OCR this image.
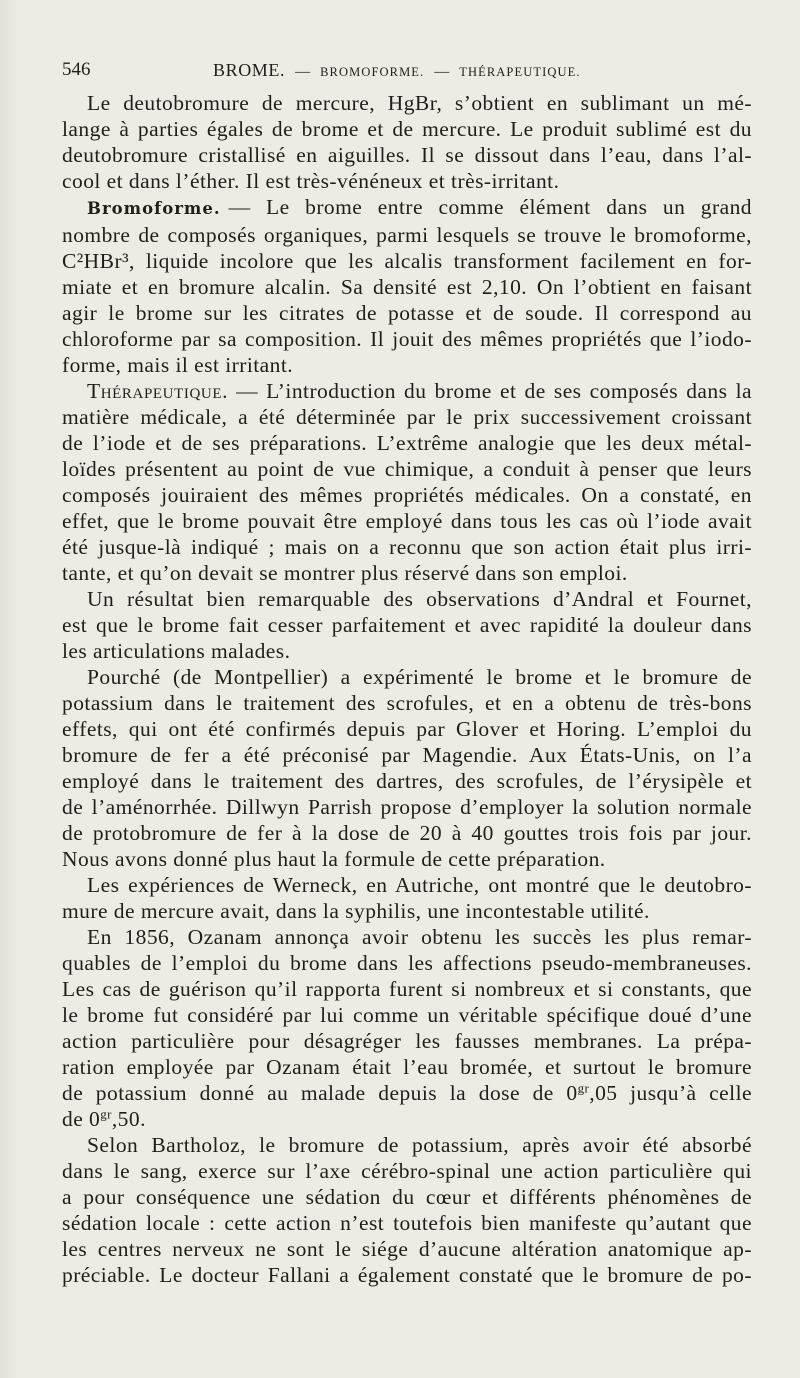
546	BROME. — BROMOFORME. — THÉRAPEUTIQUE.
Le deutobromure de mercure, HgBr, s’obtient en sublimant un mé-
lange à parties égales de brome et de mercure. Le produit sublimé est du
deutobromure cristallisé en aiguilles. Il se dissout dans l’eau, dans l’al-
cool et dans l’éther. Il est très-vénéneux et très-irritant.
Bromoforme. — Le brome entre comme élément dans un grand
nombre de composés organiques, parmi lesquels se trouve le bromoforme,
C²HBr³, liquide incolore que les alcalis transforment facilement en for-
miate et en bromure alcalin. Sa densité est 2,10. On l’obtient en faisant
agir le brome sur les citrates de potasse et de soude. Il correspond au
chloroforme par sa composition. Il jouit des mêmes propriétés que l’iodo-
forme, mais il est irritant.
Thérapeutique. — L’introduction du brome et de ses composés dans la
matière médicale, a été déterminée par le prix successivement croissant
de l’iode et de ses préparations. L’extrême analogie que les deux métal-
loïdes présentent au point de vue chimique, a conduit à penser que leurs
composés jouiraient des mêmes propriétés médicales. On a constaté, en
effet, que le brome pouvait être employé dans tous les cas où l’iode avait
été jusque-là indiqué ; mais on a reconnu que son action était plus irri-
tante, et qu’on devait se montrer plus réservé dans son emploi.
Un résultat bien remarquable des observations d’Andral et Fournet,
est que le brome fait cesser parfaitement et avec rapidité la douleur dans
les articulations malades.
Pourché (de Montpellier) a expérimenté le brome et le bromure de
potassium dans le traitement des scrofules, et en a obtenu de très-bons
effets, qui ont été confirmés depuis par Glover et Horing. L’emploi du
bromure de fer a été préconisé par Magendie. Aux États-Unis, on l’a
employé dans le traitement des dartres, des scrofules, de l’érysipèle et
de l’aménorrhée. Dillwyn Parrish propose d’employer la solution normale
de protobromure de fer à la dose de 20 à 40 gouttes trois fois par jour.
Nous avons donné plus haut la formule de cette préparation.
Les expériences de Werneck, en Autriche, ont montré que le deutobro-
mure de mercure avait, dans la syphilis, une incontestable utilité.
En 1856, Ozanam annonça avoir obtenu les succès les plus remar-
quables de l’emploi du brome dans les affections pseudo-membraneuses.
Les cas de guérison qu’il rapporta furent si nombreux et si constants, que
le brome fut considéré par lui comme un véritable spécifique doué d’une
action particulière pour désagréger les fausses membranes. La prépa-
ration employée par Ozanam était l’eau bromée, et surtout le bromure
de potassium donné au malade depuis la dose de $0^{gr},05$ jusqu’à celle
de $0^{gr},50$.
Selon Bartholoz, le bromure de potassium, après avoir été absorbé
dans le sang, exerce sur l’axe cérébro-spinal une action particulière qui
a pour conséquence une sédation du cœur et différents phénomènes de
sédation locale : cette action n’est toutefois bien manifeste qu’autant que
les centres nerveux ne sont le siége d’aucune altération anatomique ap-
préciable. Le docteur Fallani a également constaté que le bromure de po-
